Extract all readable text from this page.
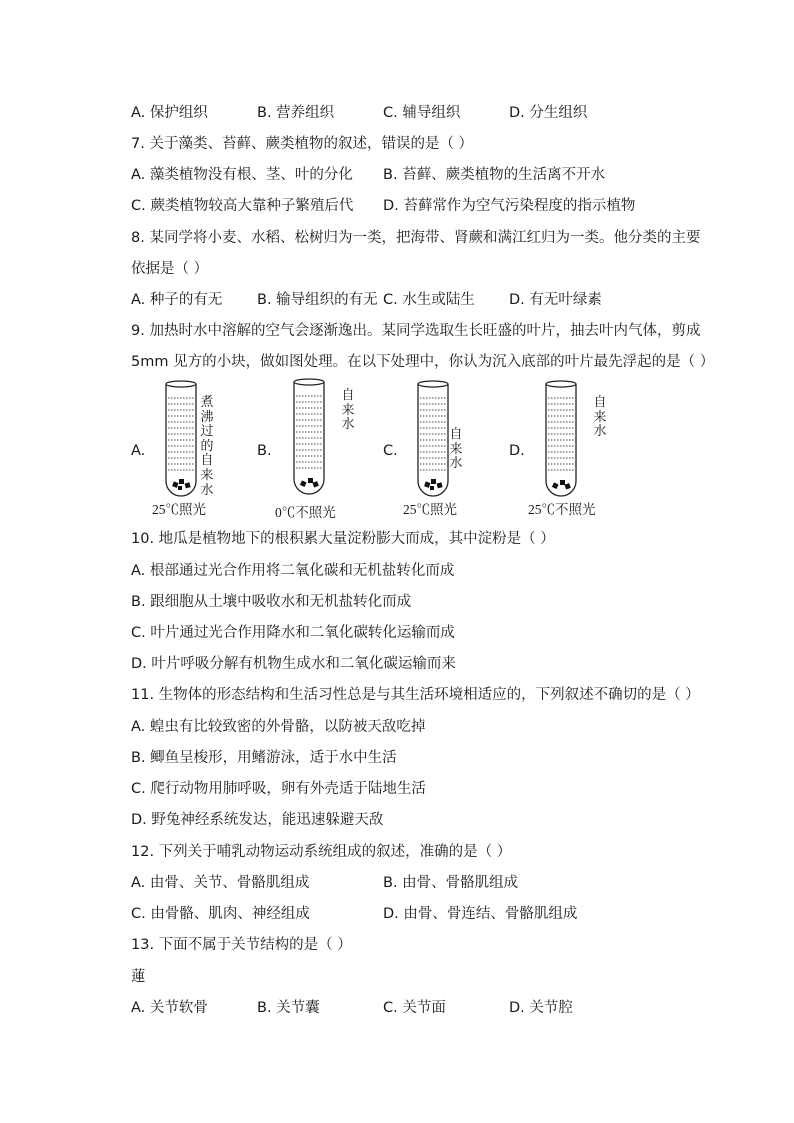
A. 保护组织	B. 营养组织	C. 辅导组织	D. 分生组织
7. 关于藻类、苔藓、蕨类植物的叙述，错误的是（ ）
A. 藻类植物没有根、茎、叶的分化 B. 苔藓、蕨类植物的生活离不开水
C. 蕨类植物较高大靠种子繁殖后代 D. 苔藓常作为空气污染程度的指示植物
8. 某同学将小麦、水稻、松树归为一类，把海带、肾蕨和满江红归为一类。他分类的主要
依据是（ ）
A. 种子的有无 B. 输导组织的有无 C. 水生或陆生 D. 有无叶绿素
9. 加热时水中溶解的空气会逐渐逸出。某同学选取生长旺盛的叶片，抽去叶内气体，剪成
5mm 见方的小块，做如图处理。在以下处理中，你认为沉入底部的叶片最先浮起的是（ ）
A.
煮沸过的自来水
25℃照光
B.
自来水
0℃不照光
C.
自来水
25℃照光
D.
自来水
25℃不照光
10. 地瓜是植物地下的根积累大量淀粉膨大而成，其中淀粉是（ ）
A. 根部通过光合作用将二氧化碳和无机盐转化而成
B. 跟细胞从土壤中吸收水和无机盐转化而成
C. 叶片通过光合作用降水和二氧化碳转化运输而成
D. 叶片呼吸分解有机物生成水和二氧化碳运输而来
11. 生物体的形态结构和生活习性总是与其生活环境相适应的，下列叙述不确切的是（ ）
A. 蝗虫有比较致密的外骨骼，以防被天敌吃掉
B. 鲫鱼呈梭形，用鳍游泳，适于水中生活
C. 爬行动物用肺呼吸，卵有外壳适于陆地生活
D. 野兔神经系统发达，能迅速躲避天敌
12. 下列关于哺乳动物运动系统组成的叙述，准确的是（ ）
A. 由骨、关节、骨骼肌组成	B. 由骨、骨骼肌组成
C. 由骨骼、肌肉、神经组成	D. 由骨、骨连结、骨骼肌组成
13. 下面不属于关节结构的是（ ）
蓮
A. 关节软骨	B. 关节囊	C. 关节面	D. 关节腔
